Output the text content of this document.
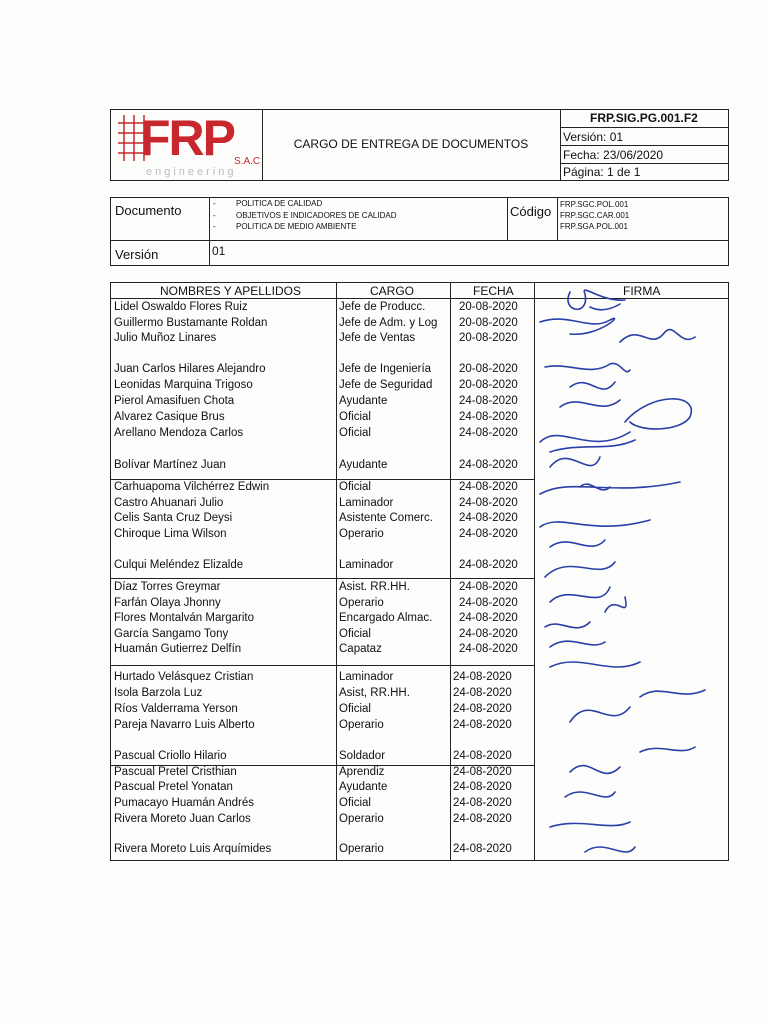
FRP S.A.C
engineering
CARGO DE ENTREGA DE DOCUMENTOS
FRP.SIG.PG.001.F2
Versión: 01
Fecha: 23/06/2020
Página: 1 de 1
Documento	POLITICA DE CALIDAD
OBJETIVOS E INDICADORES DE CALIDAD
POLITICA DE MEDIO AMBIENTE
-
-
-
Código FRP.SGC.POL.001
FRP.SGC.CAR.001
FRP.SGA.POL.001
Versión	01
NOMBRES Y APELLIDOS	CARGO	FECHA	FIRMA
Lidel Oswaldo Flores Ruiz	Jefe de Producc.	20-08-2020
Guillermo Bustamante Roldan	Jefe de Adm. y Log 20-08-2020
Julio Muñoz Linares	Jefe de Ventas	20-08-2020
Juan Carlos Hilares Alejandro	Jefe de Ingeniería 20-08-2020
Leonidas Marquina Trigoso	Jefe de Seguridad 20-08-2020
Pierol Amasifuen Chota	Ayudante	24-08-2020
Alvarez Casique Brus	Oficial	24-08-2020
Arellano Mendoza Carlos	Oficial	24-08-2020
Bolívar Martínez Juan	Ayudante	24-08-2020
Carhuapoma Vilchérrez Edwin	Oficial	24-08-2020
Castro Ahuanari Julio	Laminador	24-08-2020
Celis Santa Cruz Deysi	Asistente Comerc. 24-08-2020
Chiroque Lima Wilson	Operario	24-08-2020
Culqui Meléndez Elizalde	Laminador	24-08-2020
Díaz Torres Greymar	Asist. RR.HH.	24-08-2020
Farfán Olaya Jhonny	Operario	24-08-2020
Flores Montalván Margarito	Encargado Almac. 24-08-2020
García Sangamo Tony	Oficial	24-08-2020
Huamán Gutierrez Delfín	Capataz	24-08-2020
Hurtado Velásquez Cristian	Laminador	24-08-2020
Isola Barzola Luz	Asist, RR.HH.	24-08-2020
Ríos Valderrama Yerson	Oficial	24-08-2020
Pareja Navarro Luis Alberto	Operario	24-08-2020
Pascual Criollo Hilario	Soldador	24-08-2020
Pascual Pretel Cristhian	Aprendiz	24-08-2020
Pascual Pretel Yonatan	Ayudante	24-08-2020
Pumacayo Huamán Andrés	Oficial	24-08-2020
Rivera Moreto Juan Carlos	Operario	24-08-2020
Rivera Moreto Luis Arquímides	Operario	24-08-2020
